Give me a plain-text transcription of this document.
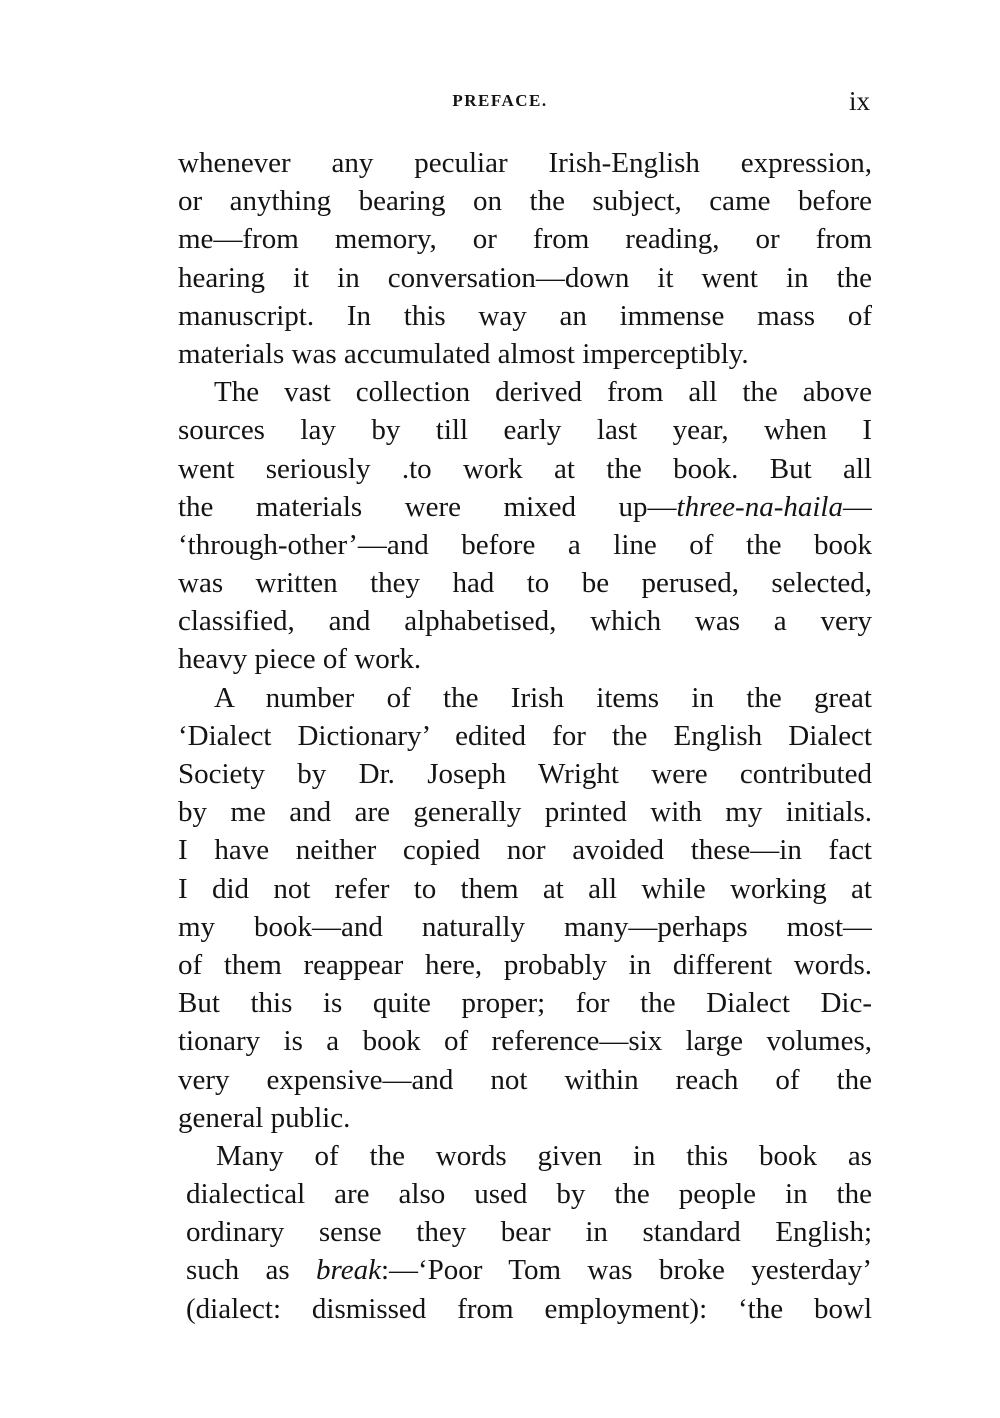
PREFACE.	ix
whenever any peculiar Irish-English expression,
or anything bearing on the subject, came before
me—from memory, or from reading, or from
hearing it in conversation—down it went in the
manuscript. In this way an immense mass of
materials was accumulated almost imperceptibly.
The vast collection derived from all the above
sources lay by till early last year, when I
went seriously .to work at the book. But all
the materials were mixed up—three-na-haila—
‘through-other’—and before a line of the book
was written they had to be perused, selected,
classified, and alphabetised, which was a very
heavy piece of work.
A number of the Irish items in the great
‘Dialect Dictionary’ edited for the English Dialect
Society by Dr. Joseph Wright were contributed
by me and are generally printed with my initials.
I have neither copied nor avoided these—in fact
I did not refer to them at all while working at
my book—and naturally many—perhaps most—
of them reappear here, probably in different words.
But this is quite proper; for the Dialect Dic-
tionary is a book of reference—six large volumes,
very expensive—and not within reach of the
general public.
Many of the words given in this book as
dialectical are also used by the people in the
ordinary sense they bear in standard English;
such as break:—‘Poor Tom was broke yesterday’
(dialect: dismissed from employment): ‘the bowl
